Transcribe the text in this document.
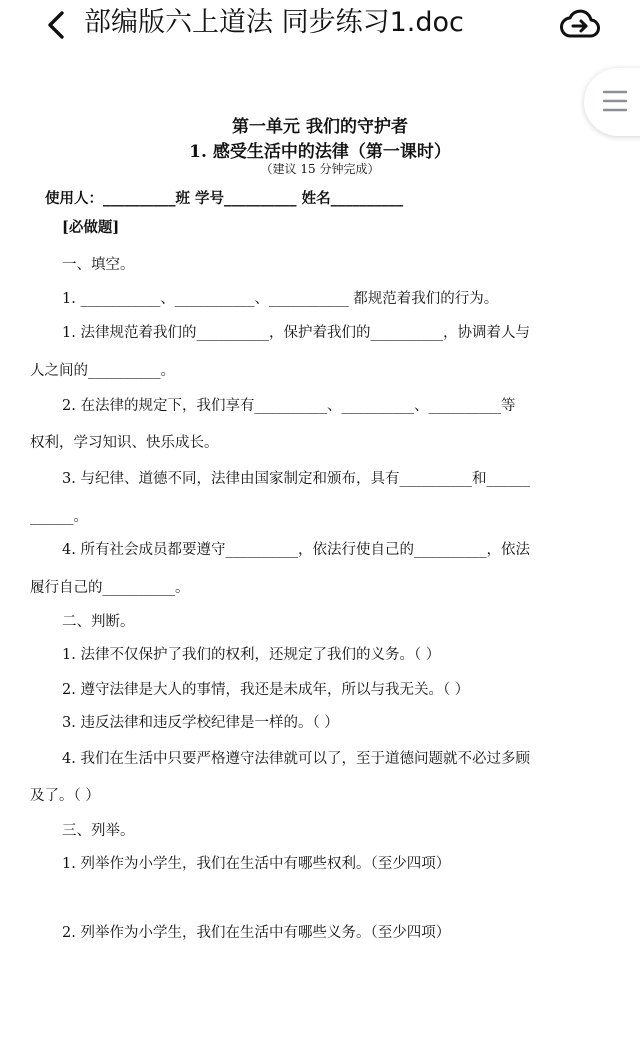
部编版六上道法 同步练习1.doc
第一单元 我们的守护者
1. 感受生活中的法律（第一课时）
（建议 15 分钟完成）
使用人：__________班 学号__________ 姓名__________
[必做题]
一、填空。
1. ___________、___________、___________ 都规范着我们的行为。
1. 法律规范着我们的__________，保护着我们的__________，协调着人与
人之间的__________。
2. 在法律的规定下，我们享有__________、__________、__________等
权利，学习知识、快乐成长。
3. 与纪律、道德不同，法律由国家制定和颁布，具有__________和______
______。
4. 所有社会成员都要遵守__________，依法行使自己的__________，依法
履行自己的__________。
二、判断。
1. 法律不仅保护了我们的权利，还规定了我们的义务。（ ）
2. 遵守法律是大人的事情，我还是未成年，所以与我无关。（ ）
3. 违反法律和违反学校纪律是一样的。（ ）
4. 我们在生活中只要严格遵守法律就可以了，至于道德问题就不必过多顾
及了。（ ）
三、列举。
1. 列举作为小学生，我们在生活中有哪些权利。（至少四项）
2. 列举作为小学生，我们在生活中有哪些义务。（至少四项）
